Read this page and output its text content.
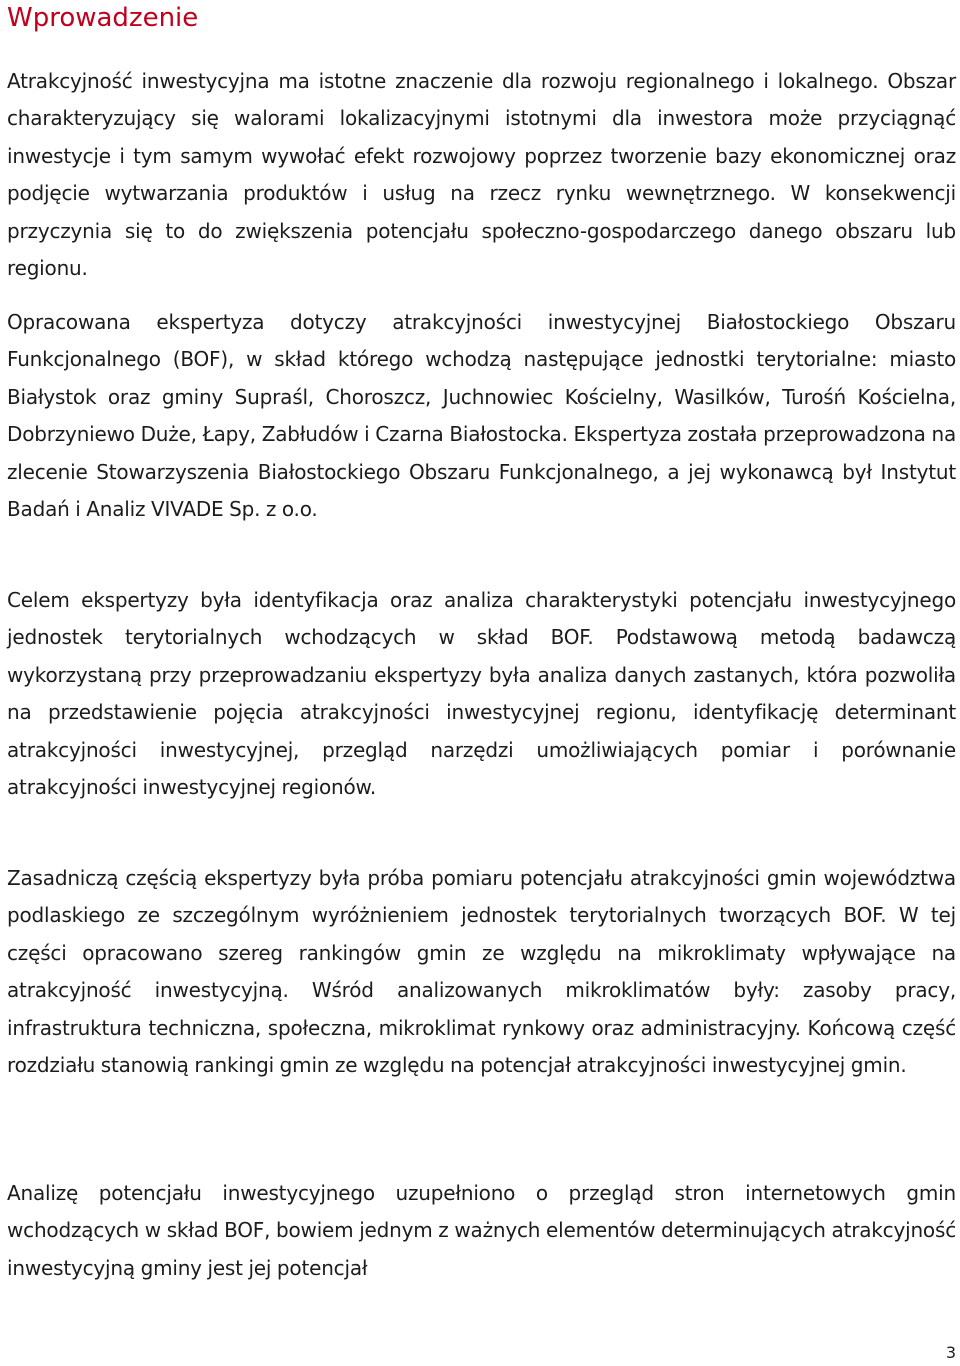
Wprowadzenie

Atrakcyjność inwestycyjna ma istotne znaczenie dla rozwoju regionalnego i lokalnego. Obszar charakteryzujący się walorami lokalizacyjnymi istotnymi dla inwestora może przyciągnąć inwestycje i tym samym wywołać efekt rozwojowy poprzez tworzenie bazy ekonomicznej oraz podjęcie wytwarzania produktów i usług na rzecz rynku wewnętrznego. W konsekwencji przyczynia się to do zwiększenia potencjału społeczno-gospodarczego danego obszaru lub regionu.

Opracowana ekspertyza dotyczy atrakcyjności inwestycyjnej Białostockiego Obszaru Funkcjonalnego (BOF), w skład którego wchodzą następujące jednostki terytorialne: miasto Białystok oraz gminy Supraśl, Choroszcz, Juchnowiec Kościelny, Wasilków, Turośń Kościelna, Dobrzyniewo Duże, Łapy, Zabłudów i Czarna Białostocka. Ekspertyza została przeprowadzona na zlecenie Stowarzyszenia Białostockiego Obszaru Funkcjonalnego, a jej wykonawcą był Instytut Badań i Analiz VIVADE Sp. z o.o.

Celem ekspertyzy była identyfikacja oraz analiza charakterystyki potencjału inwestycyjnego jednostek terytorialnych wchodzących w skład BOF. Podstawową metodą badawczą wykorzystaną przy przeprowadzaniu ekspertyzy była analiza danych zastanych, która pozwoliła na przedstawienie pojęcia atrakcyjności inwestycyjnej regionu, identyfikację determinant atrakcyjności inwestycyjnej, przegląd narzędzi umożliwiających pomiar i porównanie atrakcyjności inwestycyjnej regionów.

Zasadniczą częścią ekspertyzy była próba pomiaru potencjału atrakcyjności gmin województwa podlaskiego ze szczególnym wyróżnieniem jednostek terytorialnych tworzących BOF. W tej części opracowano szereg rankingów gmin ze względu na mikroklimaty wpływające na atrakcyjność inwestycyjną. Wśród analizowanych mikroklimatów były: zasoby pracy, infrastruktura techniczna, społeczna, mikroklimat rynkowy oraz administracyjny. Końcową część rozdziału stanowią rankingi gmin ze względu na potencjał atrakcyjności inwestycyjnej gmin.

Analizę potencjału inwestycyjnego uzupełniono o przegląd stron internetowych gmin wchodzących w skład BOF, bowiem jednym z ważnych elementów determinujących atrakcyjność inwestycyjną gminy jest jej potencjał

3
